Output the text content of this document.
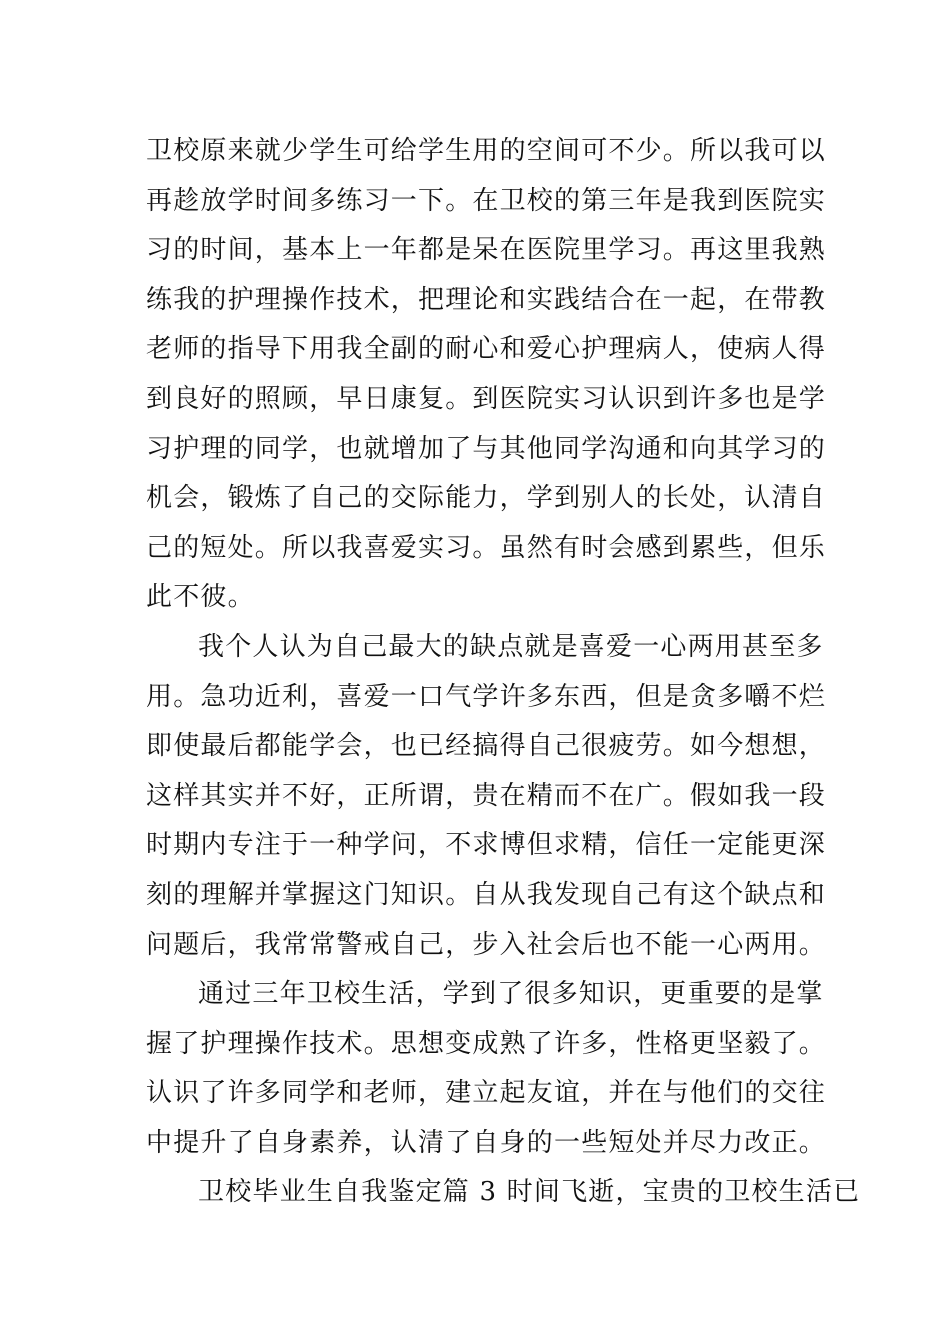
卫校原来就少学生可给学生用的空间可不少。所以我可以
再趁放学时间多练习一下。在卫校的第三年是我到医院实
习的时间，基本上一年都是呆在医院里学习。再这里我熟
练我的护理操作技术，把理论和实践结合在一起，在带教
老师的指导下用我全副的耐心和爱心护理病人，使病人得
到良好的照顾，早日康复。到医院实习认识到许多也是学
习护理的同学，也就增加了与其他同学沟通和向其学习的
机会，锻炼了自己的交际能力，学到别人的长处，认清自
己的短处。所以我喜爱实习。虽然有时会感到累些，但乐
此不彼。
我个人认为自己最大的缺点就是喜爱一心两用甚至多
用。急功近利，喜爱一口气学许多东西，但是贪多嚼不烂
即使最后都能学会，也已经搞得自己很疲劳。如今想想，
这样其实并不好，正所谓，贵在精而不在广。假如我一段
时期内专注于一种学问，不求博但求精，信任一定能更深
刻的理解并掌握这门知识。自从我发现自己有这个缺点和
问题后，我常常警戒自己，步入社会后也不能一心两用。
通过三年卫校生活，学到了很多知识，更重要的是掌
握了护理操作技术。思想变成熟了许多，性格更坚毅了。
认识了许多同学和老师，建立起友谊，并在与他们的交往
中提升了自身素养，认清了自身的一些短处并尽力改正。
卫校毕业生自我鉴定篇 3 时间飞逝，宝贵的卫校生活已
